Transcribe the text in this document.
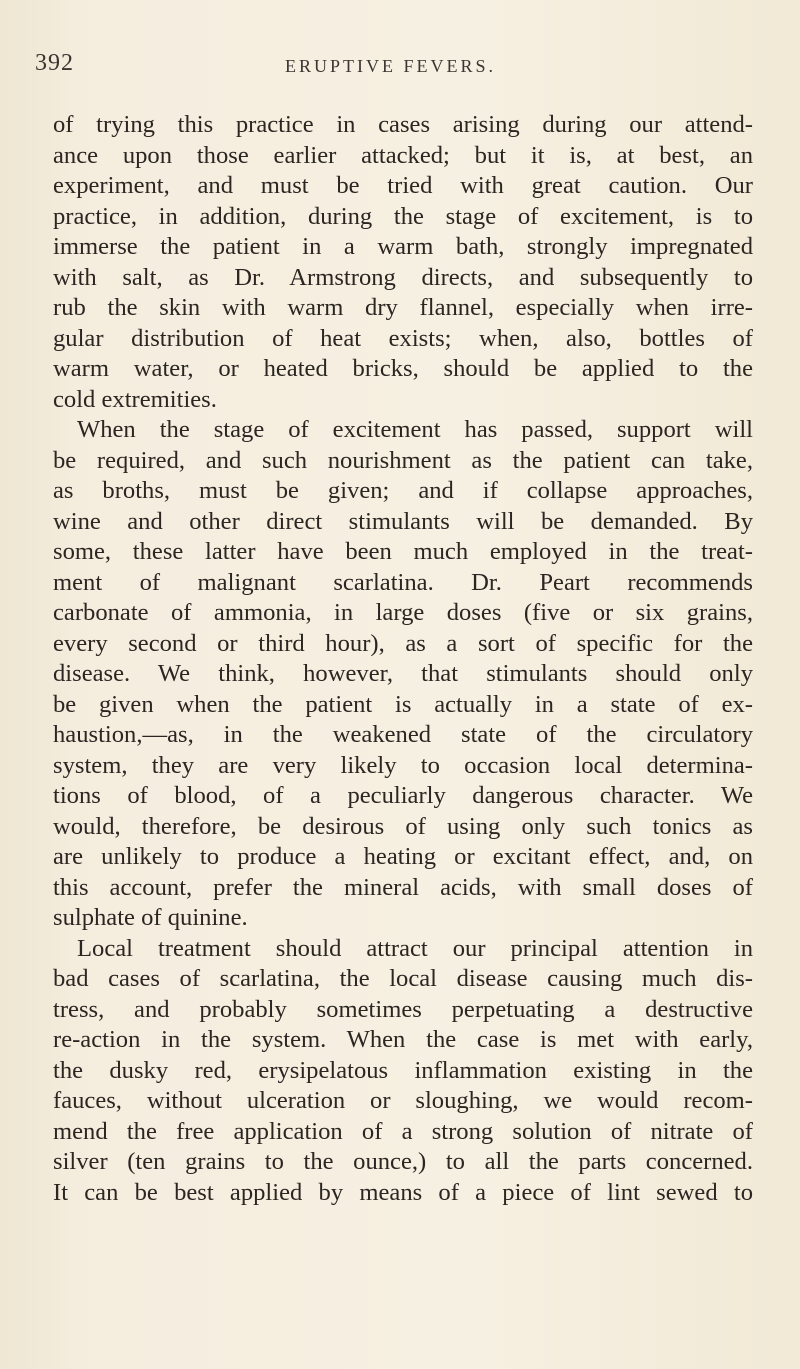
392	ERUPTIVE FEVERS.
of trying this practice in cases arising during our attend-
ance upon those earlier attacked; but it is, at best, an
experiment, and must be tried with great caution. Our
practice, in addition, during the stage of excitement, is to
immerse the patient in a warm bath, strongly impregnated
with salt, as Dr. Armstrong directs, and subsequently to
rub the skin with warm dry flannel, especially when irre-
gular distribution of heat exists; when, also, bottles of
warm water, or heated bricks, should be applied to the
cold extremities.
When the stage of excitement has passed, support will
be required, and such nourishment as the patient can take,
as broths, must be given; and if collapse approaches,
wine and other direct stimulants will be demanded. By
some, these latter have been much employed in the treat-
ment of malignant scarlatina. Dr. Peart recommends
carbonate of ammonia, in large doses (five or six grains,
every second or third hour), as a sort of specific for the
disease. We think, however, that stimulants should only
be given when the patient is actually in a state of ex-
haustion,—as, in the weakened state of the circulatory
system, they are very likely to occasion local determina-
tions of blood, of a peculiarly dangerous character. We
would, therefore, be desirous of using only such tonics as
are unlikely to produce a heating or excitant effect, and, on
this account, prefer the mineral acids, with small doses of
sulphate of quinine.
Local treatment should attract our principal attention in
bad cases of scarlatina, the local disease causing much dis-
tress, and probably sometimes perpetuating a destructive
re-action in the system. When the case is met with early,
the dusky red, erysipelatous inflammation existing in the
fauces, without ulceration or sloughing, we would recom-
mend the free application of a strong solution of nitrate of
silver (ten grains to the ounce,) to all the parts concerned.
It can be best applied by means of a piece of lint sewed to
